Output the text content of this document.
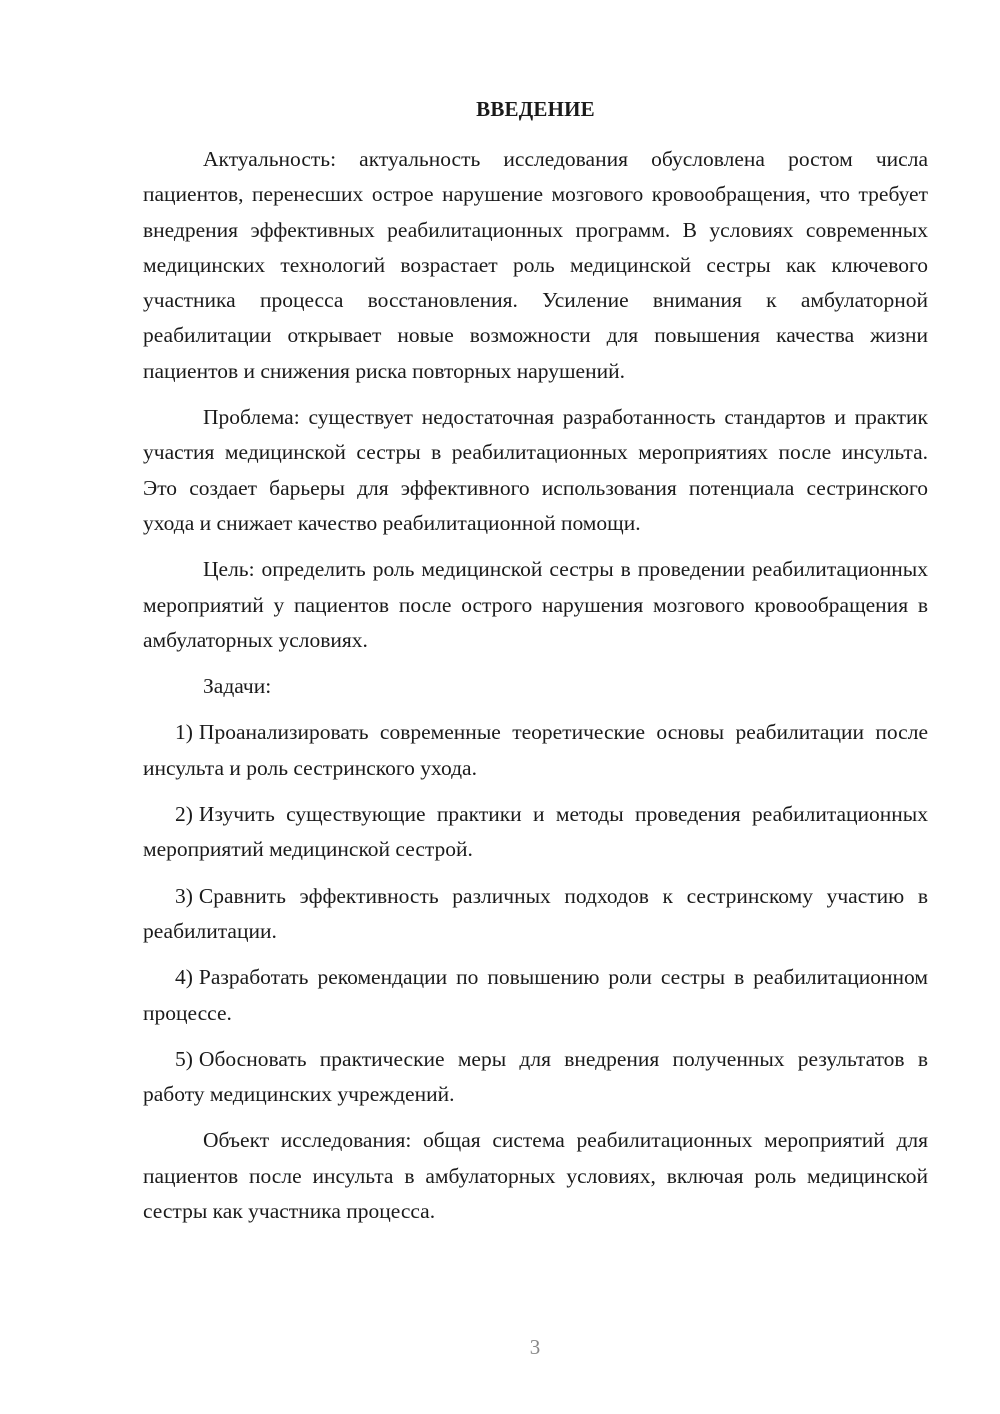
ВВЕДЕНИЕ

Актуальность: актуальность исследования обусловлена ростом числа пациентов, перенесших острое нарушение мозгового кровообращения, что требует внедрения эффективных реабилитационных программ. В условиях современных медицинских технологий возрастает роль медицинской сестры как ключевого участника процесса восстановления. Усиление внимания к амбулаторной реабилитации открывает новые возможности для повышения качества жизни пациентов и снижения риска повторных нарушений.

Проблема: существует недостаточная разработанность стандартов и практик участия медицинской сестры в реабилитационных мероприятиях после инсульта. Это создает барьеры для эффективного использования потенциала сестринского ухода и снижает качество реабилитационной помощи.

Цель: определить роль медицинской сестры в проведении реабилитационных мероприятий у пациентов после острого нарушения мозгового кровообращения в амбулаторных условиях.

Задачи:

1) Проанализировать современные теоретические основы реабилитации после инсульта и роль сестринского ухода.

2) Изучить существующие практики и методы проведения реабилитационных мероприятий медицинской сестрой.

3) Сравнить эффективность различных подходов к сестринскому участию в реабилитации.

4) Разработать рекомендации по повышению роли сестры в реабилитационном процессе.

5) Обосновать практические меры для внедрения полученных результатов в работу медицинских учреждений.

Объект исследования: общая система реабилитационных мероприятий для пациентов после инсульта в амбулаторных условиях, включая роль медицинской сестры как участника процесса.

3
